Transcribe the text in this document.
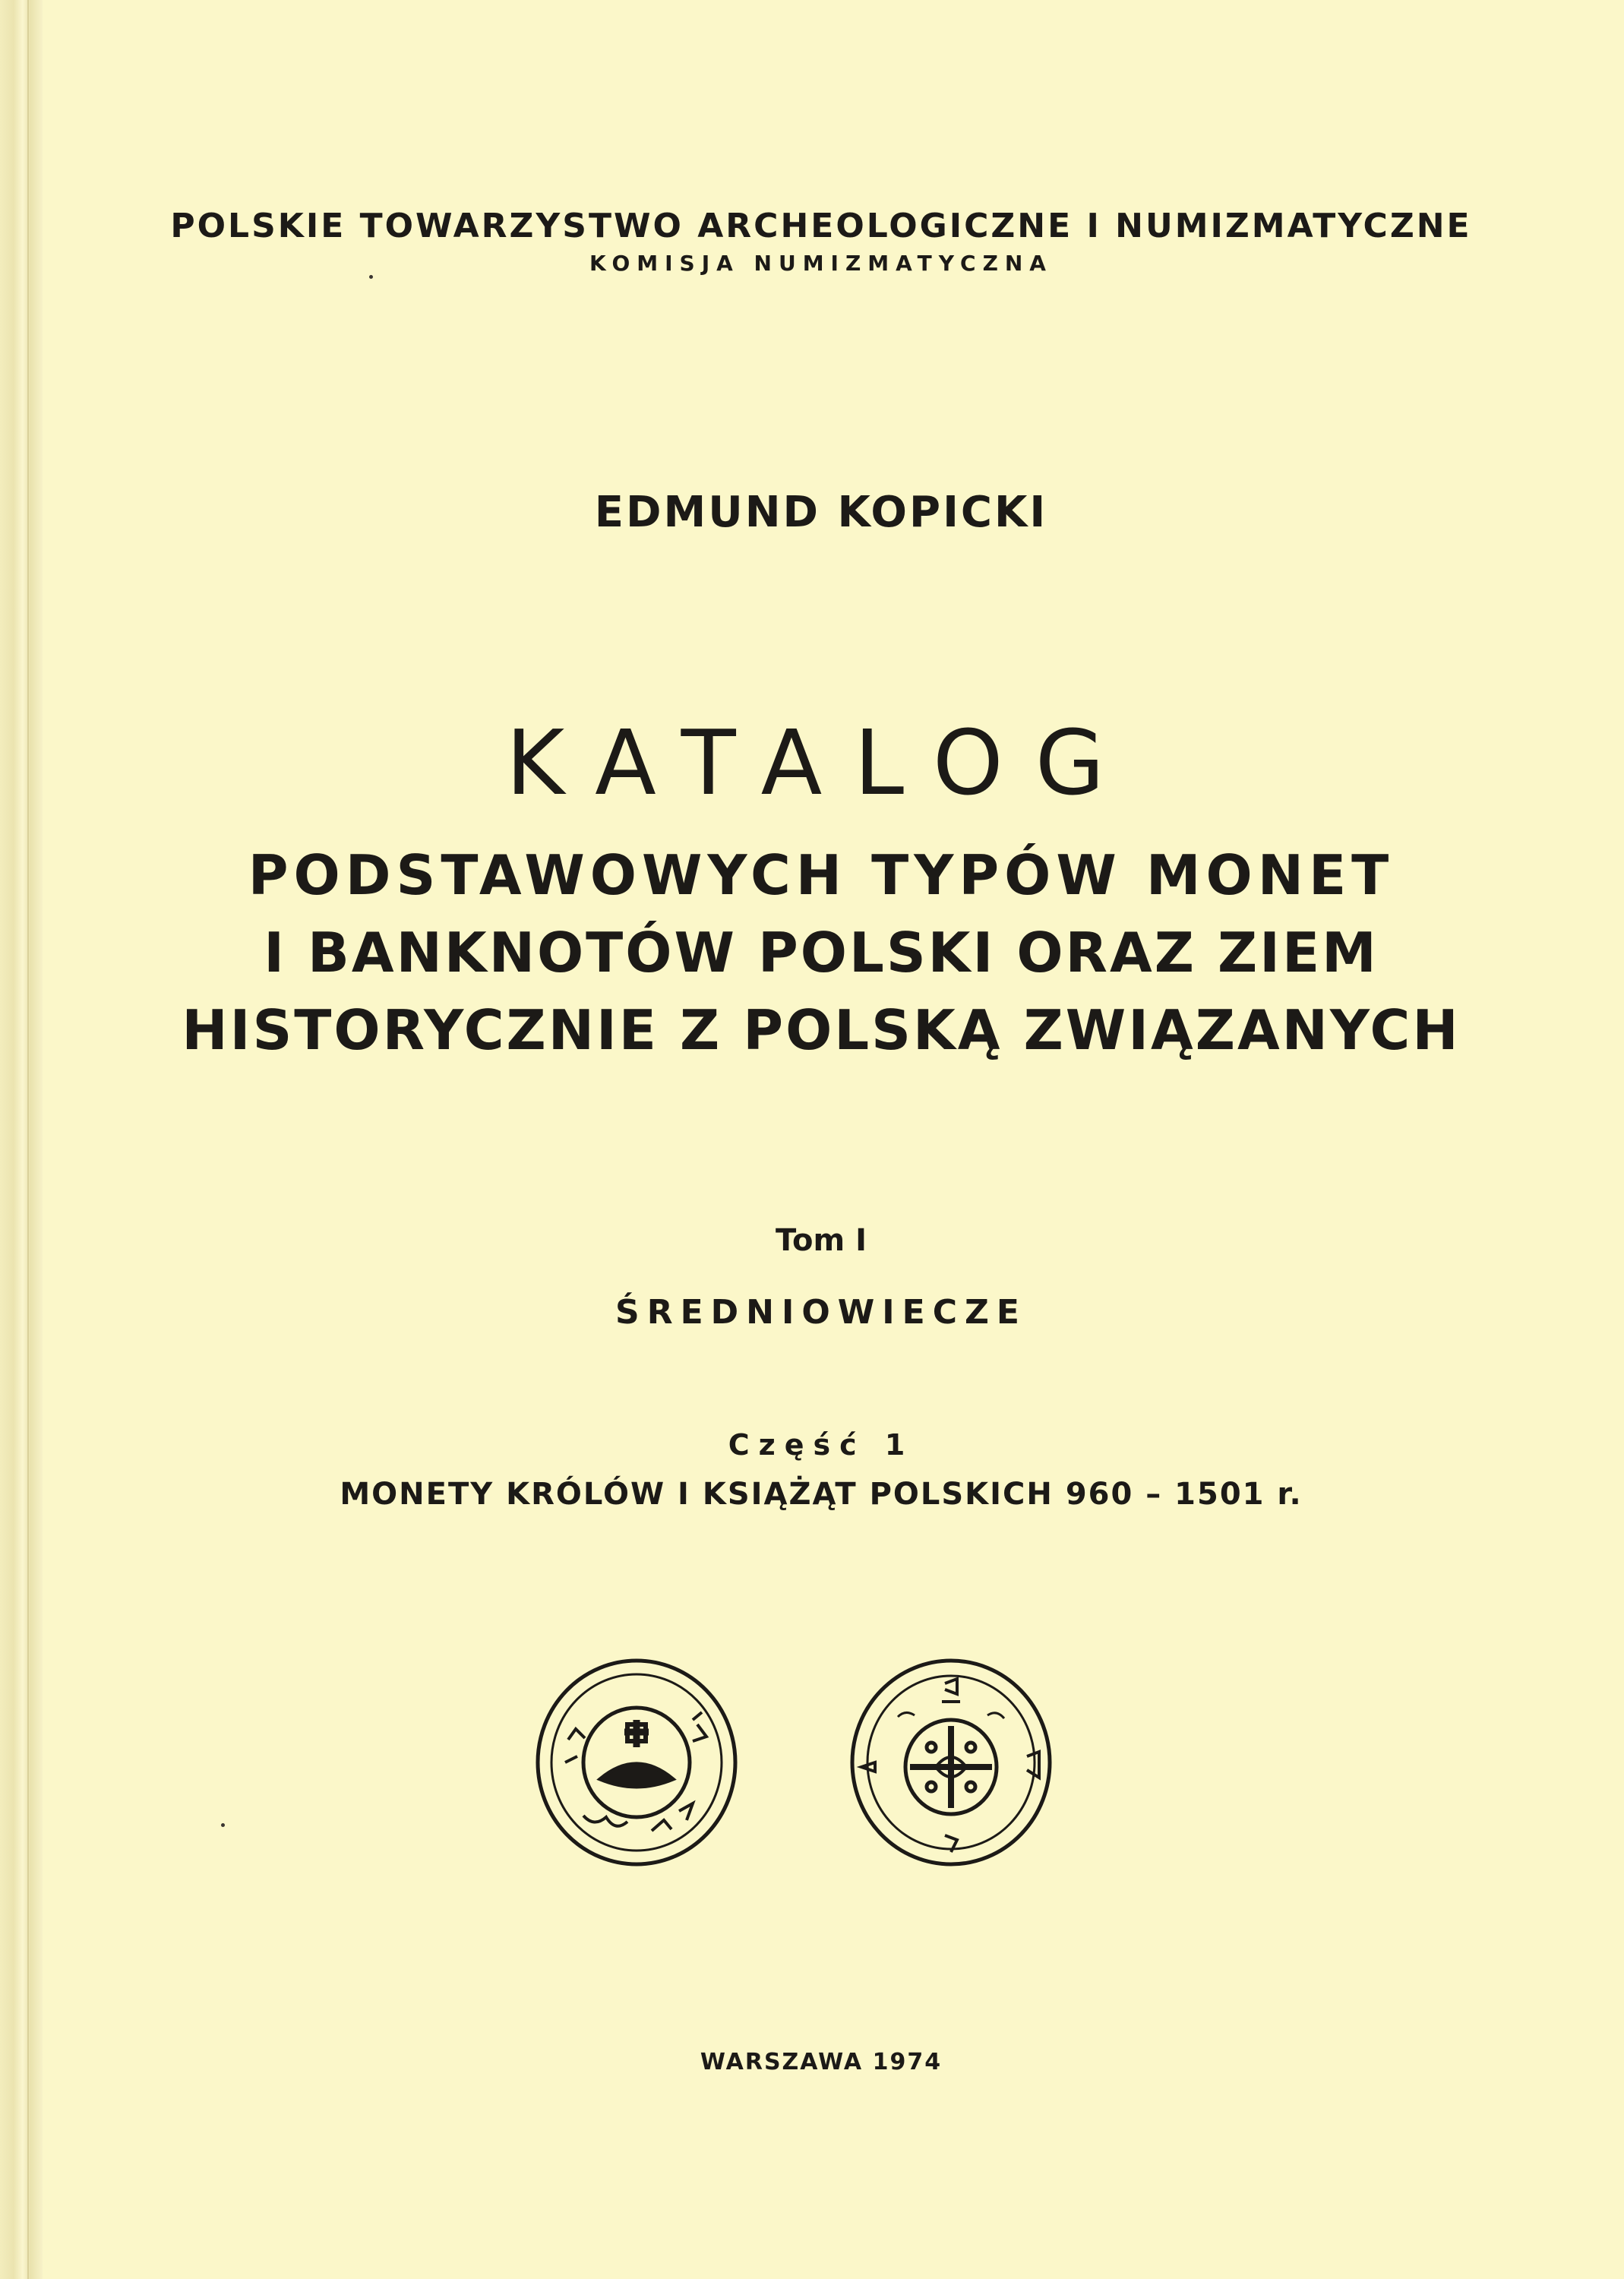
POLSKIE TOWARZYSTWO ARCHEOLOGICZNE I NUMIZMATYCZNE
KOMISJA NUMIZMATYCZNA
EDMUND KOPICKI
KATALOG
PODSTAWOWYCH TYPÓW MONET
I BANKNOTÓW POLSKI ORAZ ZIEM
HISTORYCZNIE Z POLSKĄ ZWIĄZANYCH
Tom I
ŚREDNIOWIECZE
Część 1
MONETY KRÓLÓW I KSIĄŻĄT POLSKICH 960 – 1501 r.
WARSZAWA 1974
